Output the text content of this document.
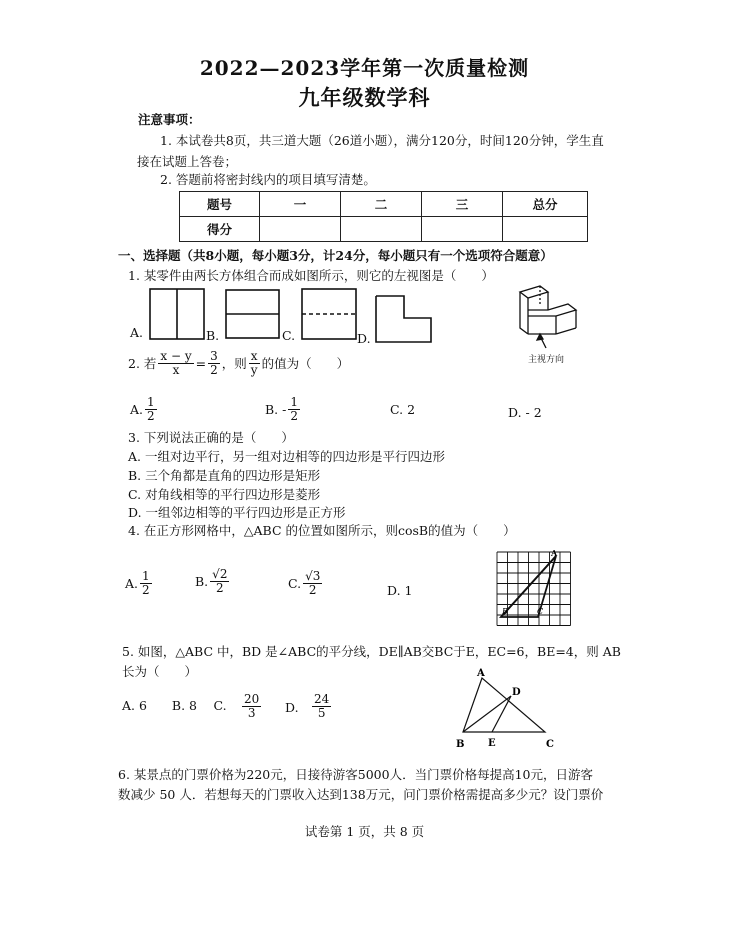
2022—2023学年第一次质量检测
九年级数学科
注意事项：
1. 本试卷共8页，共三道大题（26道小题），满分120分，时间120分钟，学生直
接在试题上答卷；
2. 答题前将密封线内的项目填写清楚。
题号	一	二	三	总分
得分				
一、选择题（共8小题，每小题3分，计24分，每小题只有一个选项符合题意）
1. 某零件由两长方体组合而成如图所示，则它的左视图是（　　）
A.	B.	C.	D.
主视方向
2. 若 $\frac{x - y}{x} = \frac{3}{2}$ ，则 $\frac{x}{y}$ 的值为（　　）
A. $\frac{1}{2}$	B. - $\frac{1}{2}$	C. 2	D. - 2
3. 下列说法正确的是（　　）
A. 一组对边平行，另一组对边相等的四边形是平行四边形
B. 三个角都是直角的四边形是矩形
C. 对角线相等的平行四边形是菱形
D. 一组邻边相等的平行四边形是正方形
4. 在正方形网格中，△ABC 的位置如图所示，则cosB的值为（　　）
A. $\frac{1}{2}$	B. $\frac{√2}{2}$	C. $\frac{√3}{2}$	D. 1
A
B	C
5. 如图，△ABC 中，BD 是∠ABC的平分线，DE∥AB交BC于E，EC=6，BE=4，则 AB
长为（　　）
A. 6　　B. 8　 C. $\frac{20}{3} D$. $\frac{24}{5}$
A
B	C
D
E
6. 某景点的门票价格为220元，日接待游客5000人．当门票价格每提高10元，日游客
数减少 50 人．若想每天的门票收入达到138万元，问门票价格需提高多少元？设门票价
试卷第 1 页，共 8 页
